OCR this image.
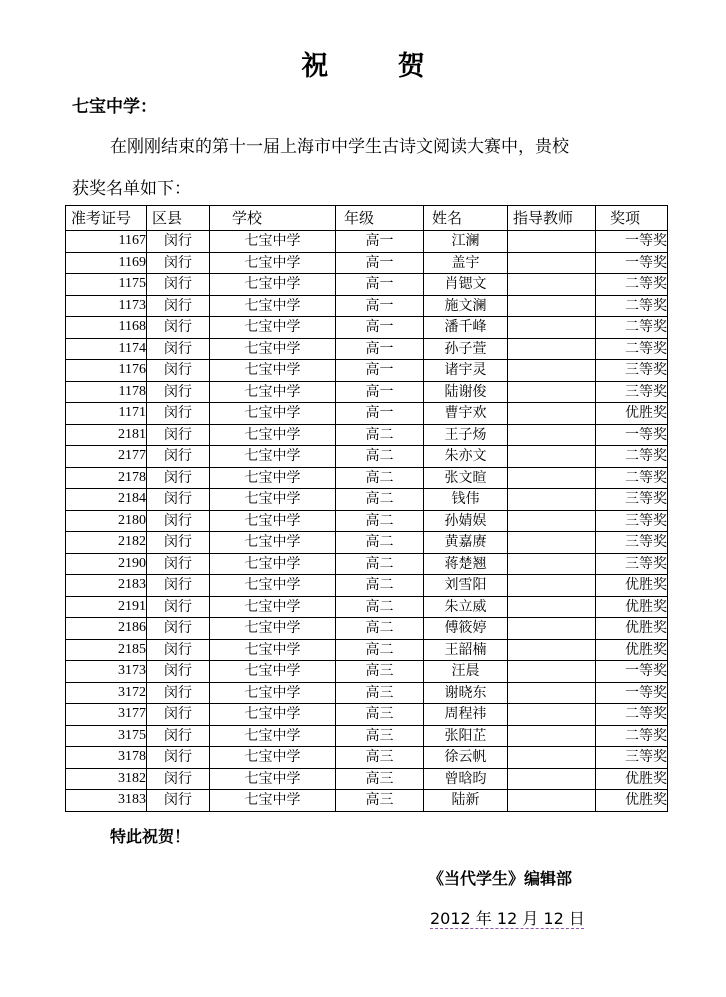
祝 贺
七宝中学：
在刚刚结束的第十一届上海市中学生古诗文阅读大赛中，贵校
获奖名单如下：
准考证号	区县	学校	年级	姓名	指导教师	奖项
1167	闵行	七宝中学	高一	江澜		一等奖
1169	闵行	七宝中学	高一	盖宇		一等奖
1175	闵行	七宝中学	高一	肖锶文		二等奖
1173	闵行	七宝中学	高一	施文澜		二等奖
1168	闵行	七宝中学	高一	潘千峰		二等奖
1174	闵行	七宝中学	高一	孙子萱		二等奖
1176	闵行	七宝中学	高一	诸宇灵		三等奖
1178	闵行	七宝中学	高一	陆谢俊		三等奖
1171	闵行	七宝中学	高一	曹宇欢		优胜奖
2181	闵行	七宝中学	高二	王子炀		一等奖
2177	闵行	七宝中学	高二	朱亦文		二等奖
2178	闵行	七宝中学	高二	张文暄		二等奖
2184	闵行	七宝中学	高二	钱伟		三等奖
2180	闵行	七宝中学	高二	孙婧娱		三等奖
2182	闵行	七宝中学	高二	黄嘉赓		三等奖
2190	闵行	七宝中学	高二	蒋楚翘		三等奖
2183	闵行	七宝中学	高二	刘雪阳		优胜奖
2191	闵行	七宝中学	高二	朱立威		优胜奖
2186	闵行	七宝中学	高二	傅筱婷		优胜奖
2185	闵行	七宝中学	高二	王韶楠		优胜奖
3173	闵行	七宝中学	高三	汪晨		一等奖
3172	闵行	七宝中学	高三	谢晓东		一等奖
3177	闵行	七宝中学	高三	周程祎		二等奖
3175	闵行	七宝中学	高三	张阳芷		二等奖
3178	闵行	七宝中学	高三	徐云帆		三等奖
3182	闵行	七宝中学	高三	曾晗昀		优胜奖
3183	闵行	七宝中学	高三	陆新		优胜奖
特此祝贺！
《当代学生》编辑部
2012 年 12 月 12 日
